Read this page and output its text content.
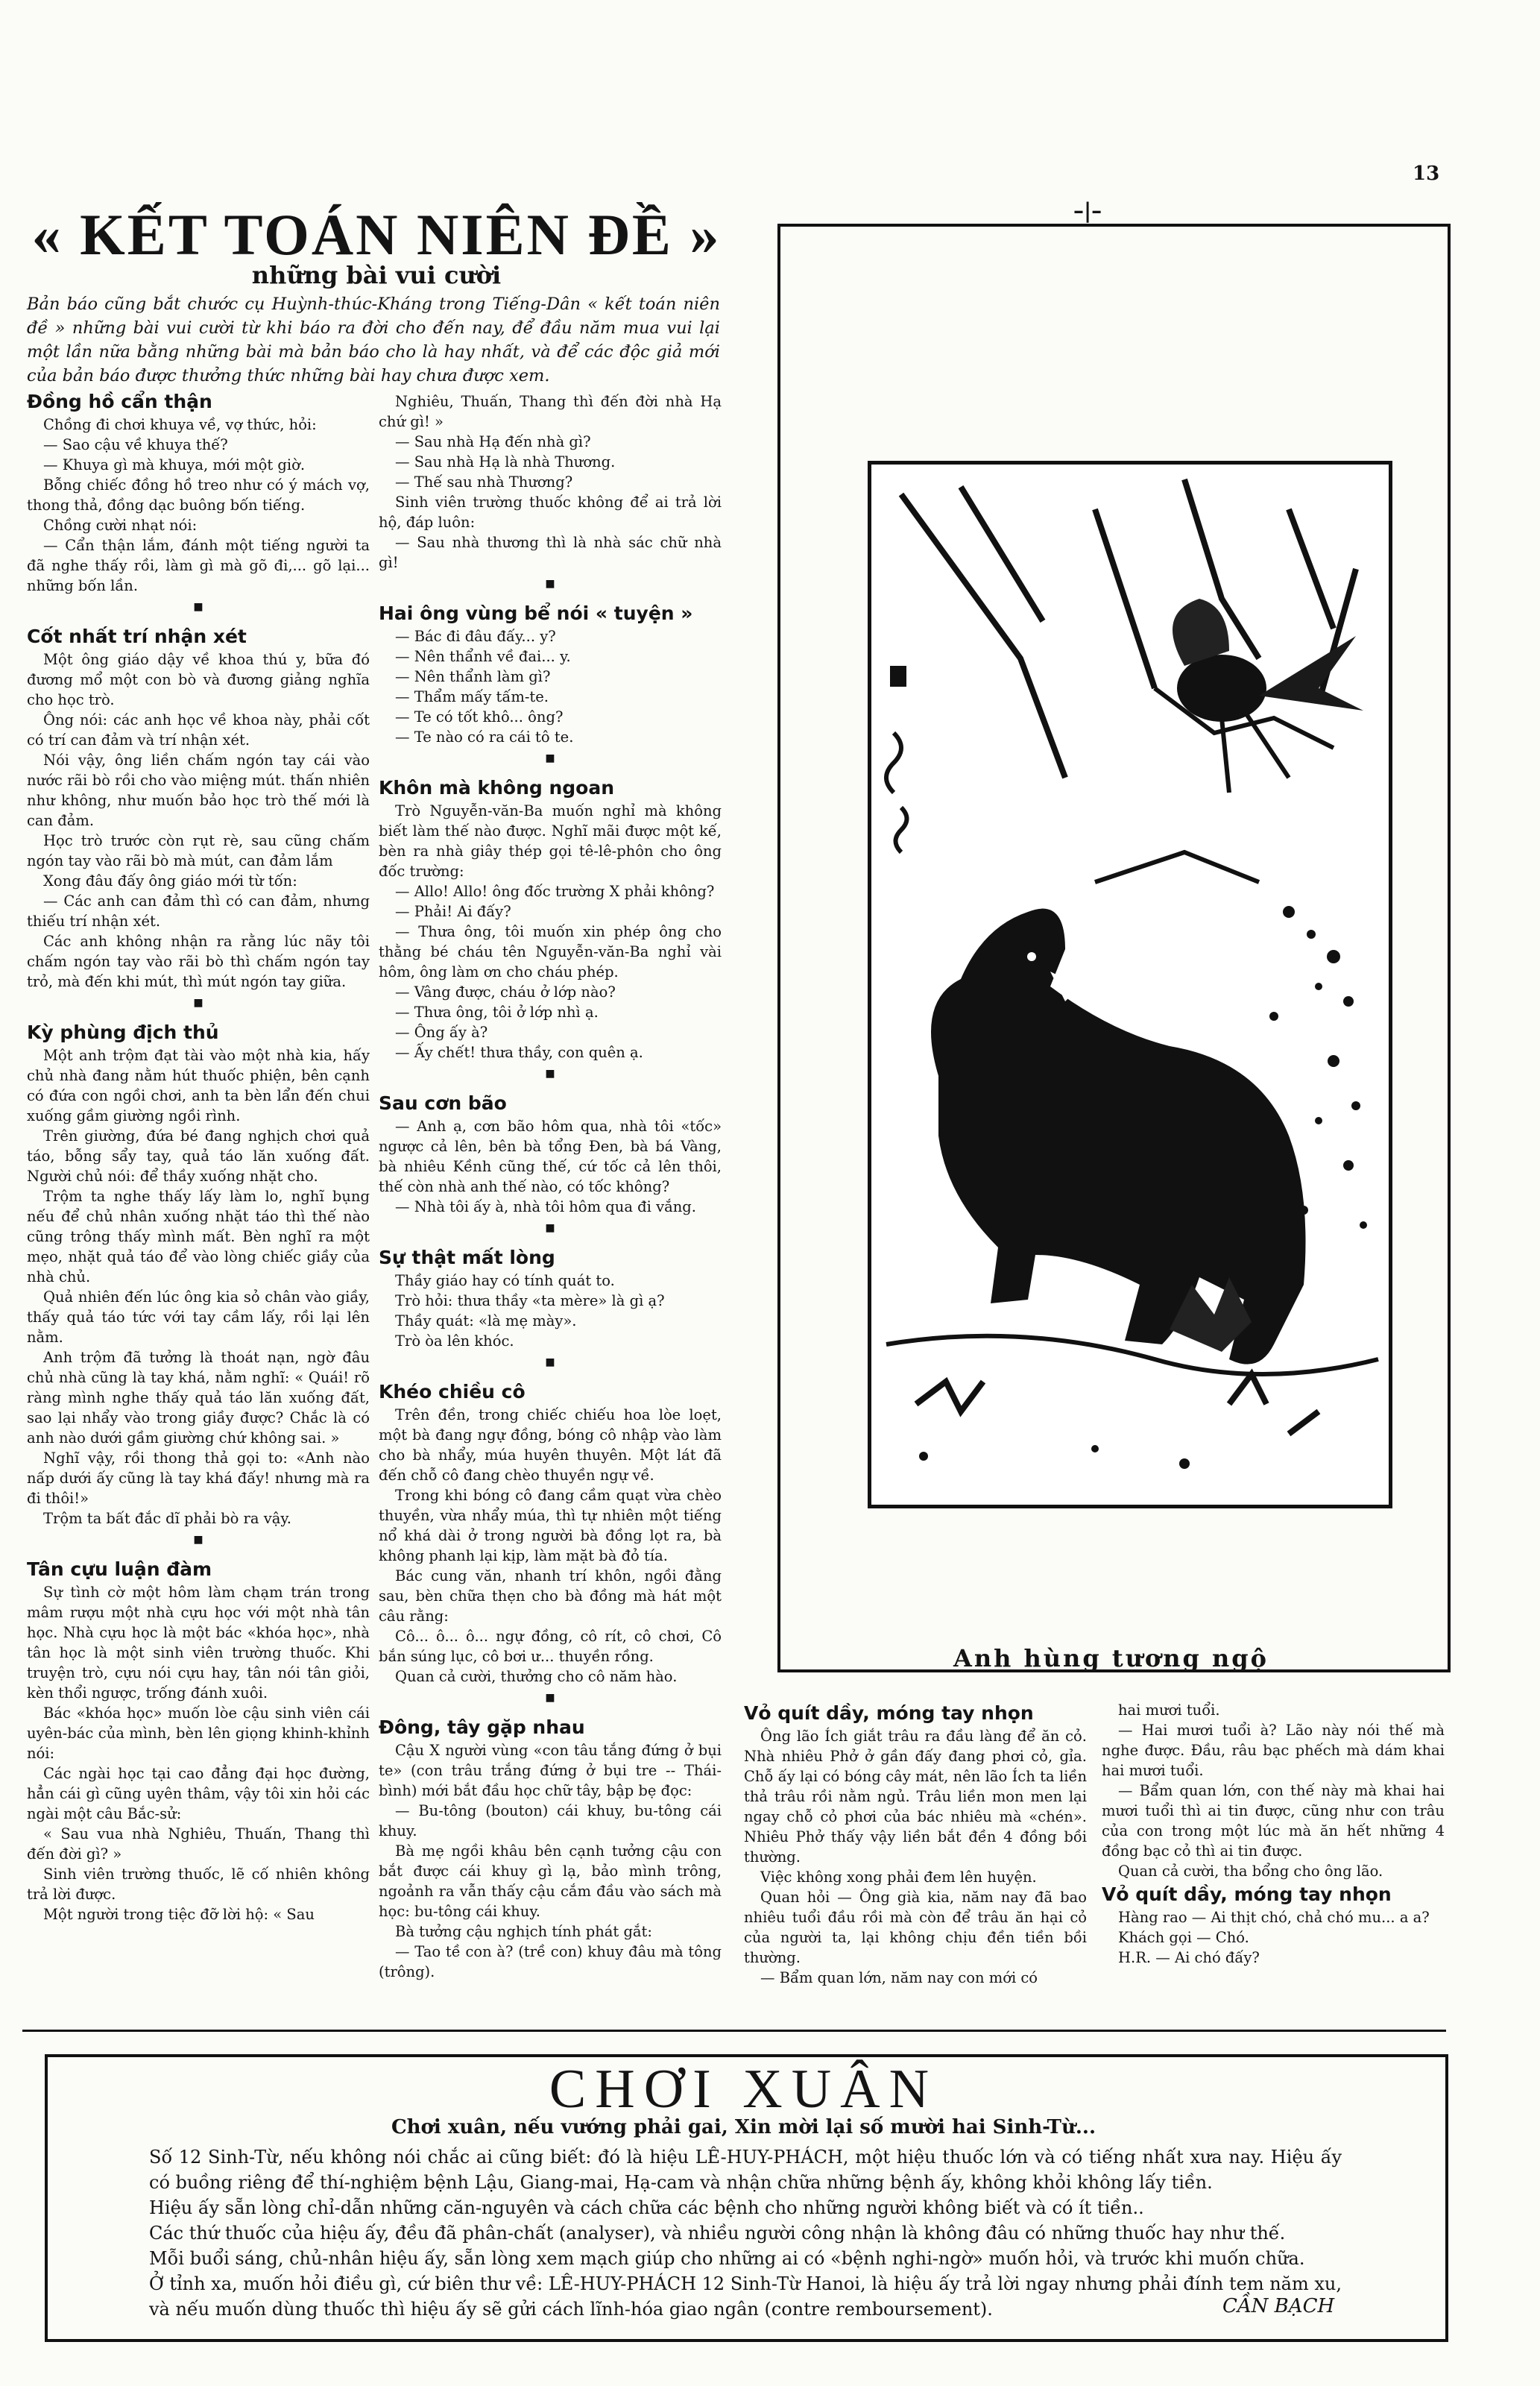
13
« KẾT TOÁN NIÊN ĐỀ »
những bài vui cười
Bản báo cũng bắt chước cụ Huỳnh-thúc-Kháng trong Tiếng-Dân « kết toán niên đề » những bài vui cười từ khi báo ra đời cho đến nay, để đầu năm mua vui lại một lần nữa bằng những bài mà bản báo cho là hay nhất, và để các độc giả mới của bản báo được thưởng thức những bài hay chưa được xem.
Đồng hồ cẩn thận

Chồng đi chơi khuya về, vợ thức, hỏi:

— Sao cậu về khuya thế?

— Khuya gì mà khuya, mới một giờ.

Bỗng chiếc đồng hồ treo như có ý mách vợ, thong thả, đồng dạc buông bốn tiếng.

Chồng cười nhạt nói:

— Cẩn thận lắm, đánh một tiếng người ta đã nghe thấy rồi, làm gì mà gõ đi,... gõ lại... những bốn lần.

■
Cốt nhất trí nhận xét

Một ông giáo dậy về khoa thú y, bữa đó đương mổ một con bò và đương giảng nghĩa cho học trò.

Ông nói: các anh học về khoa này, phải cốt có trí can đảm và trí nhận xét.

Nói vậy, ông liền chấm ngón tay cái vào nước rãi bò rồi cho vào miệng mút. thấn nhiên như không, như muốn bảo học trò thế mới là can đảm.

Học trò trước còn rụt rè, sau cũng chấm ngón tay vào rãi bò mà mút, can đảm lắm

Xong đâu đấy ông giáo mới từ tốn:

— Các anh can đảm thì có can đảm, nhưng thiếu trí nhận xét.

Các anh không nhận ra rằng lúc nãy tôi chấm ngón tay vào rãi bò thì chấm ngón tay trỏ, mà đến khi mút, thì mút ngón tay giữa.

■
Kỳ phùng địch thủ

Một anh trộm đạt tài vào một nhà kia, hấy chủ nhà đang nằm hút thuốc phiện, bên cạnh có đứa con ngồi chơi, anh ta bèn lẩn đến chui xuống gầm giường ngồi rình.

Trên giường, đứa bé đang nghịch chơi quả táo, bỗng sẩy tay, quả táo lăn xuống đất. Người chủ nói: để thầy xuống nhặt cho.

Trộm ta nghe thấy lấy làm lo, nghĩ bụng nếu để chủ nhân xuống nhặt táo thì thế nào cũng trông thấy mình mất. Bèn nghĩ ra một mẹo, nhặt quả táo để vào lòng chiếc giầy của nhà chủ.

Quả nhiên đến lúc ông kia sỏ chân vào giầy, thấy quả táo tức với tay cầm lấy, rồi lại lên nằm.

Anh trộm đã tưởng là thoát nạn, ngờ đâu chủ nhà cũng là tay khá, nằm nghĩ: « Quái! rõ ràng mình nghe thấy quả táo lăn xuống đất, sao lại nhẩy vào trong giầy được? Chắc là có anh nào dưới gầm giường chứ không sai. »

Nghĩ vậy, rồi thong thả gọi to: «Anh nào nấp dưới ấy cũng là tay khá đấy! nhưng mà ra đi thôi!»

Trộm ta bất đắc dĩ phải bò ra vậy.

■
Tân cựu luận đàm

Sự tình cờ một hôm làm chạm trán trong mâm rượu một nhà cựu học với một nhà tân học. Nhà cựu học là một bác «khóa học», nhà tân học là một sinh viên trường thuốc. Khi truyện trò, cựu nói cựu hay, tân nói tân giỏi, kèn thổi ngược, trống đánh xuôi.

Bác «khóa học» muốn lòe cậu sinh viên cái uyên-bác của mình, bèn lên giọng khinh-khỉnh nói:

Các ngài học tại cao đẳng đại học đường, hẳn cái gì cũng uyên thâm, vậy tôi xin hỏi các ngài một câu Bắc-sử:

« Sau vua nhà Nghiêu, Thuấn, Thang thì đến đời gì? »

Sinh viên trường thuốc, lẽ cố nhiên không trả lời được.

Một người trong tiệc đỡ lời hộ: « Sau

Nghiêu, Thuấn, Thang thì đến đời nhà Hạ chứ gì! »

— Sau nhà Hạ đến nhà gì?

— Sau nhà Hạ là nhà Thương.

— Thế sau nhà Thương?

Sinh viên trường thuốc không để ai trả lời hộ, đáp luôn:

— Sau nhà thương thì là nhà sác chữ nhà gì!

■
Hai ông vùng bể nói « tuyện »

— Bác đi đâu đấy... y?

— Nên thẩnh về đai... y.

— Nên thẩnh làm gì?

— Thẩm mấy tấm-te.

— Te có tốt khô... ông?

— Te nào có ra cái tô te.

■
Khôn mà không ngoan

Trò Nguyễn-văn-Ba muốn nghỉ mà không biết làm thế nào được. Nghĩ mãi được một kế, bèn ra nhà giây thép gọi tê-lê-phôn cho ông đốc trường:

— Allo! Allo! ông đốc trường X phải không?

— Phải! Ai đấy?

— Thưa ông, tôi muốn xin phép ông cho thằng bé cháu tên Nguyễn-văn-Ba nghỉ vài hôm, ông làm ơn cho cháu phép.

— Vâng được, cháu ở lớp nào?

— Thưa ông, tôi ở lớp nhì ạ.

— Ông ấy à?

— Ấy chết! thưa thầy, con quên ạ.

■
Sau cơn bão

— Anh ạ, cơn bão hôm qua, nhà tôi «tốc» ngược cả lên, bên bà tổng Đen, bà bá Vàng, bà nhiêu Kềnh cũng thế, cứ tốc cả lên thôi, thế còn nhà anh thế nào, có tốc không?

— Nhà tôi ấy à, nhà tôi hôm qua đi vắng.

■
Sự thật mất lòng

Thầy giáo hay có tính quát to.

Trò hỏi: thưa thầy «ta mère» là gì ạ?

Thầy quát: «là mẹ mày».

Trò òa lên khóc.

■
Khéo chiều cô

Trên đền, trong chiếc chiếu hoa lòe loẹt, một bà đang ngự đồng, bóng cô nhập vào làm cho bà nhẩy, múa huyên thuyên. Một lát đã đến chỗ cô đang chèo thuyền ngự về.

Trong khi bóng cô đang cầm quạt vừa chèo thuyền, vừa nhẩy múa, thì tự nhiên một tiếng nổ khá dài ở trong người bà đồng lọt ra, bà không phanh lại kịp, làm mặt bà đỏ tía.

Bác cung văn, nhanh trí khôn, ngồi đằng sau, bèn chữa thẹn cho bà đồng mà hát một câu rằng:

Cô... ô... ô... ngự đồng, cô rít, cô chơi, Cô bắn súng lục, cô bơi ư... thuyền rồng.

Quan cả cười, thưởng cho cô năm hào.

■
Đông, tây gặp nhau

Cậu X người vùng «con tâu tắng đứng ở bụi te» (con trâu trắng đứng ở bụi tre -- Thái-bình) mới bắt đầu học chữ tây, bập bẹ đọc:

— Bu-tông (bouton) cái khuy, bu-tông cái khuy.

Bà mẹ ngồi khâu bên cạnh tưởng cậu con bắt được cái khuy gì lạ, bảo mình trông, ngoảnh ra vẫn thấy cậu cắm đầu vào sách mà học: bu-tông cái khuy.

Bà tưởng cậu nghịch tính phát gắt:

— Tao tề con à? (trề con) khuy đâu mà tông (trông).

–|–
Anh hùng tương ngộ
Vỏ quít dầy, móng tay nhọn

Ông lão Ích giắt trâu ra đầu làng để ăn cỏ. Nhà nhiêu Phở ở gần đấy đang phơi cỏ, gỉa. Chỗ ấy lại có bóng cây mát, nên lão Ích ta liền thả trâu rồi nằm ngủ. Trâu liền mon men lại ngay chỗ cỏ phơi của bác nhiêu mà «chén». Nhiêu Phở thấy vậy liền bắt đền 4 đồng bồi thường.

Việc không xong phải đem lên huyện.

Quan hỏi — Ông già kia, năm nay đã bao nhiêu tuổi đầu rồi mà còn để trâu ăn hại cỏ của người ta, lại không chịu đền tiền bồi thường.

— Bẩm quan lớn, năm nay con mới có

hai mươi tuổi.

— Hai mươi tuổi à? Lão này nói thế mà nghe được. Đầu, râu bạc phếch mà dám khai hai mươi tuổi.

— Bẩm quan lớn, con thế này mà khai hai mươi tuổi thì ai tin được, cũng như con trâu của con trong một lúc mà ăn hết những 4 đồng bạc cỏ thì ai tin được.

Quan cả cười, tha bổng cho ông lão.

Vỏ quít dầy, móng tay nhọn

Hàng rao — Ai thịt chó, chả chó mu... a a?

Khách gọi — Chó.

H.R. — Ai chó đấy?

CHƠI XUÂN
Chơi xuân, nếu vướng phải gai, Xin mời lại số mười hai Sinh-Từ...

Số 12 Sinh-Từ, nếu không nói chắc ai cũng biết: đó là hiệu LÊ-HUY-PHÁCH, một hiệu thuốc lớn và có tiếng nhất xưa nay. Hiệu ấy có buồng riêng để thí-nghiệm bệnh Lậu, Giang-mai, Hạ-cam và nhận chữa những bệnh ấy, không khỏi không lấy tiền.

Hiệu ấy sẵn lòng chỉ-dẫn những căn-nguyên và cách chữa các bệnh cho những người không biết và có ít tiền..

Các thứ thuốc của hiệu ấy, đều đã phân-chất (analyser), và nhiều người công nhận là không đâu có những thuốc hay như thế.

Mỗi buổi sáng, chủ-nhân hiệu ấy, sẵn lòng xem mạch giúp cho những ai có «bệnh nghi-ngờ» muốn hỏi, và trước khi muốn chữa.

Ở tỉnh xa, muốn hỏi điều gì, cứ biên thư về: LÊ-HUY-PHÁCH 12 Sinh-Từ Hanoi, là hiệu ấy trả lời ngay nhưng phải đính tem năm xu, và nếu muốn dùng thuốc thì hiệu ấy sẽ gửi cách lĩnh-hóa giao ngân (contre remboursement).	CẦN BẠCH
